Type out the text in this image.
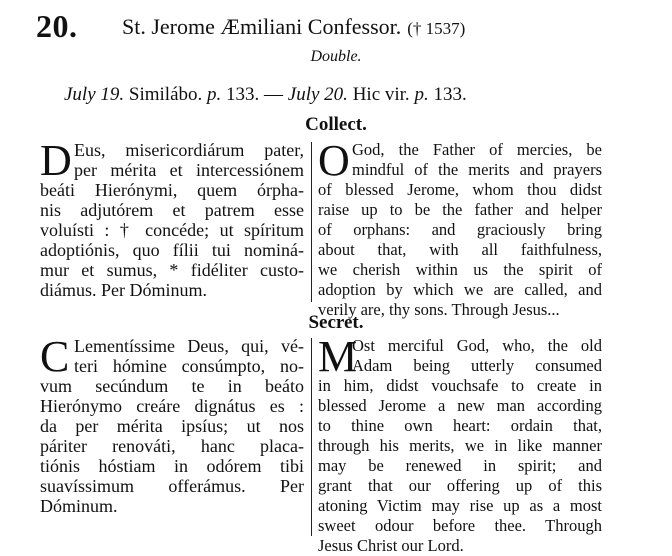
20. St. Jerome Æmiliani Confessor. († 1537)
Double.
July 19. Similábo. p. 133. — July 20. Hic vir. p. 133.
Collect.
D Eus, misericordiárum pater,
per mérita et intercessiónem
beáti Hierónymi, quem órpha-
nis adjutórem et patrem esse
voluísti : † concéde; ut spíritum
adoptiónis, quo fílii tui nominá-
mur et sumus, * fidéliter custo-
diámus. Per Dóminum.
O God, the Father of mercies, be
mindful of the merits and prayers
of blessed Jerome, whom thou didst
raise up to be the father and helper
of orphans: and graciously bring
about that, with all faithfulness,
we cherish within us the spirit of
adoption by which we are called, and
verily are, thy sons. Through Jesus...
Secret.
C Lementíssime Deus, qui, vé-
teri hómine consúmpto, no-
vum secúndum te in beáto
Hierónymo creáre dignátus es :
da per mérita ipsíus; ut nos
páriter renováti, hanc placa-
tiónis hóstiam in odórem tibi
suavíssimum offerámus. Per
Dóminum.
M
Ost merciful God, who, the old
Adam being utterly consumed
in him, didst vouchsafe to create in
blessed Jerome a new man according
to thine own heart: ordain that,
through his merits, we in like manner
may be renewed in spirit; and
grant that our offering up of this
atoning Victim may rise up as a most
sweet odour before thee. Through
Jesus Christ our Lord.
